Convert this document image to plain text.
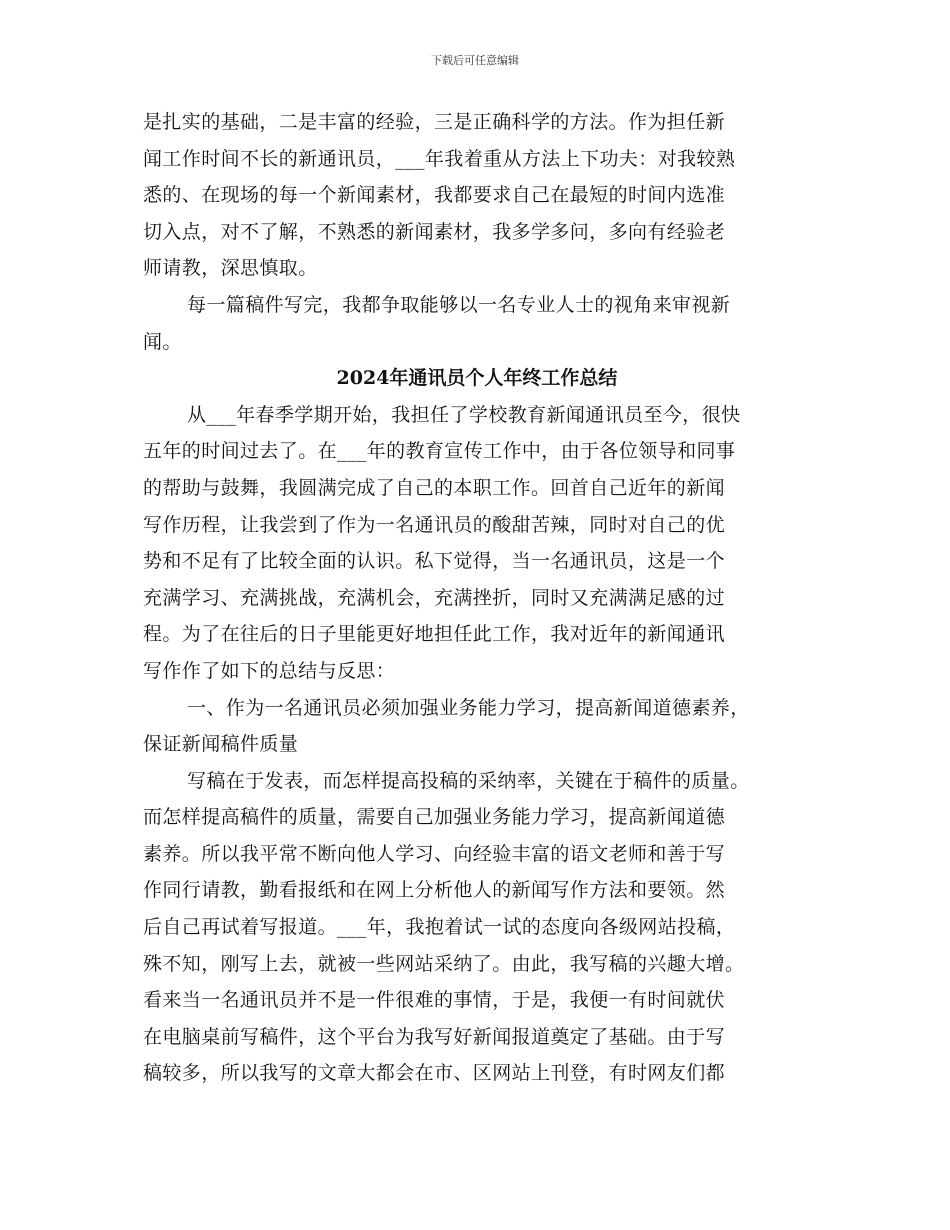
下载后可任意编辑
是扎实的基础，二是丰富的经验，三是正确科学的方法。作为担任新
闻工作时间不长的新通讯员，___年我着重从方法上下功夫：对我较熟
悉的、在现场的每一个新闻素材，我都要求自己在最短的时间内选准
切入点，对不了解，不熟悉的新闻素材，我多学多问，多向有经验老
师请教，深思慎取。
每一篇稿件写完，我都争取能够以一名专业人士的视角来审视新
闻。
2024年通讯员个人年终工作总结
从___年春季学期开始，我担任了学校教育新闻通讯员至今，很快
五年的时间过去了。在___年的教育宣传工作中，由于各位领导和同事
的帮助与鼓舞，我圆满完成了自己的本职工作。回首自己近年的新闻
写作历程，让我尝到了作为一名通讯员的酸甜苦辣，同时对自己的优
势和不足有了比较全面的认识。私下觉得，当一名通讯员，这是一个
充满学习、充满挑战，充满机会，充满挫折，同时又充满满足感的过
程。为了在往后的日子里能更好地担任此工作，我对近年的新闻通讯
写作作了如下的总结与反思：
一、作为一名通讯员必须加强业务能力学习，提高新闻道德素养，
保证新闻稿件质量
写稿在于发表，而怎样提高投稿的采纳率，关键在于稿件的质量。
而怎样提高稿件的质量，需要自己加强业务能力学习，提高新闻道德
素养。所以我平常不断向他人学习、向经验丰富的语文老师和善于写
作同行请教，勤看报纸和在网上分析他人的新闻写作方法和要领。然
后自己再试着写报道。___年，我抱着试一试的态度向各级网站投稿，
殊不知，刚写上去，就被一些网站采纳了。由此，我写稿的兴趣大增。
看来当一名通讯员并不是一件很难的事情，于是，我便一有时间就伏
在电脑桌前写稿件，这个平台为我写好新闻报道奠定了基础。由于写
稿较多，所以我写的文章大都会在市、区网站上刊登，有时网友们都
